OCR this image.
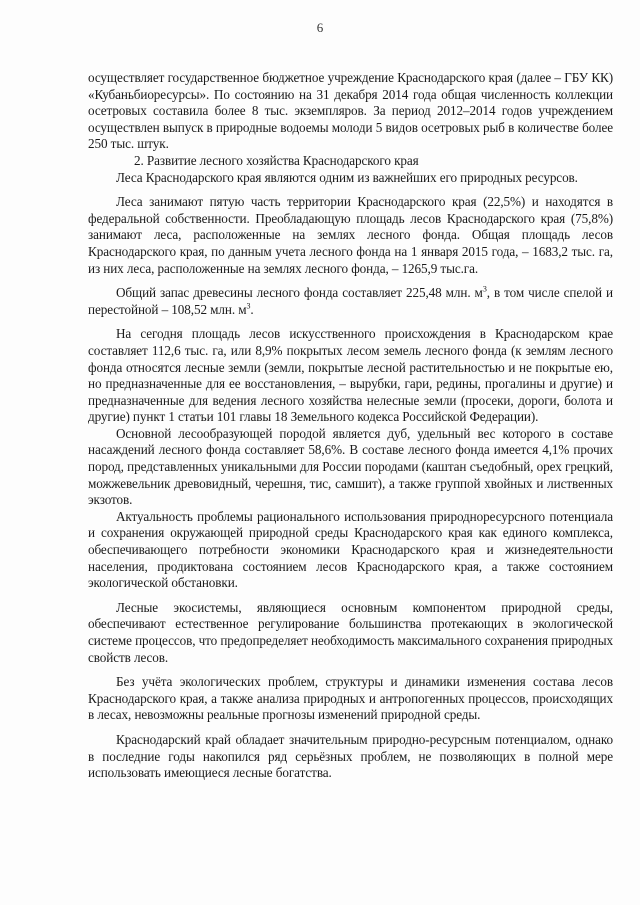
6

осуществляет государственное бюджетное учреждение Краснодарского края (далее – ГБУ КК) «Кубаньбиоресурсы». По состоянию на 31 декабря 2014 года общая численность коллекции осетровых составила более 8 тыс. экземпляров. За период 2012–2014 годов учреждением осуществлен выпуск в природные водоемы молоди 5 видов осетровых рыб в количестве более 250 тыс. штук.

2. Развитие лесного хозяйства Краснодарского края

Леса Краснодарского края являются одним из важнейших его природных ресурсов.

Леса занимают пятую часть территории Краснодарского края (22,5%) и находятся в федеральной собственности. Преобладающую площадь лесов Краснодарского края (75,8%) занимают леса, расположенные на землях лесного фонда. Общая площадь лесов Краснодарского края, по данным учета лесного фонда на 1 января 2015 года, – 1683,2 тыс. га, из них леса, расположенные на землях лесного фонда, – 1265,9 тыс.га.

Общий запас древесины лесного фонда составляет 225,48 млн. $м^3$, в том числе спелой и перестойной – 108,52 млн. $м^3$.

На сегодня площадь лесов искусственного происхождения в Краснодарском крае составляет 112,6 тыс. га, или 8,9% покрытых лесом земель лесного фонда (к землям лесного фонда относятся лесные земли (земли, покрытые лесной растительностью и не покрытые ею, но предназначенные для ее восстановления, – вырубки, гари, редины, прогалины и другие) и предназначенные для ведения лесного хозяйства нелесные земли (просеки, дороги, болота и другие) пункт 1 статьи 101 главы 18 Земельного кодекса Российской Федерации).

Основной лесообразующей породой является дуб, удельный вес которого в составе насаждений лесного фонда составляет 58,6%. В составе лесного фонда имеется 4,1% прочих пород, представленных уникальными для России породами (каштан съедобный, орех грецкий, можжевельник древовидный, черешня, тис, самшит), а также группой хвойных и лиственных экзотов.

Актуальность проблемы рационального использования природноресурсного потенциала и сохранения окружающей природной среды Краснодарского края как единого комплекса, обеспечивающего потребности экономики Краснодарского края и жизнедеятельности населения, продиктована состоянием лесов Краснодарского края, а также состоянием экологической обстановки.

Лесные экосистемы, являющиеся основным компонентом природной среды, обеспечивают естественное регулирование большинства протекающих в экологической системе процессов, что предопределяет необходимость максимального сохранения природных свойств лесов.

Без учёта экологических проблем, структуры и динамики изменения состава лесов Краснодарского края, а также анализа природных и антропогенных процессов, происходящих в лесах, невозможны реальные прогнозы изменений природной среды.

Краснодарский край обладает значительным природно-ресурсным потенциалом, однако в последние годы накопился ряд серьёзных проблем, не позволяющих в полной мере использовать имеющиеся лесные богатства.
